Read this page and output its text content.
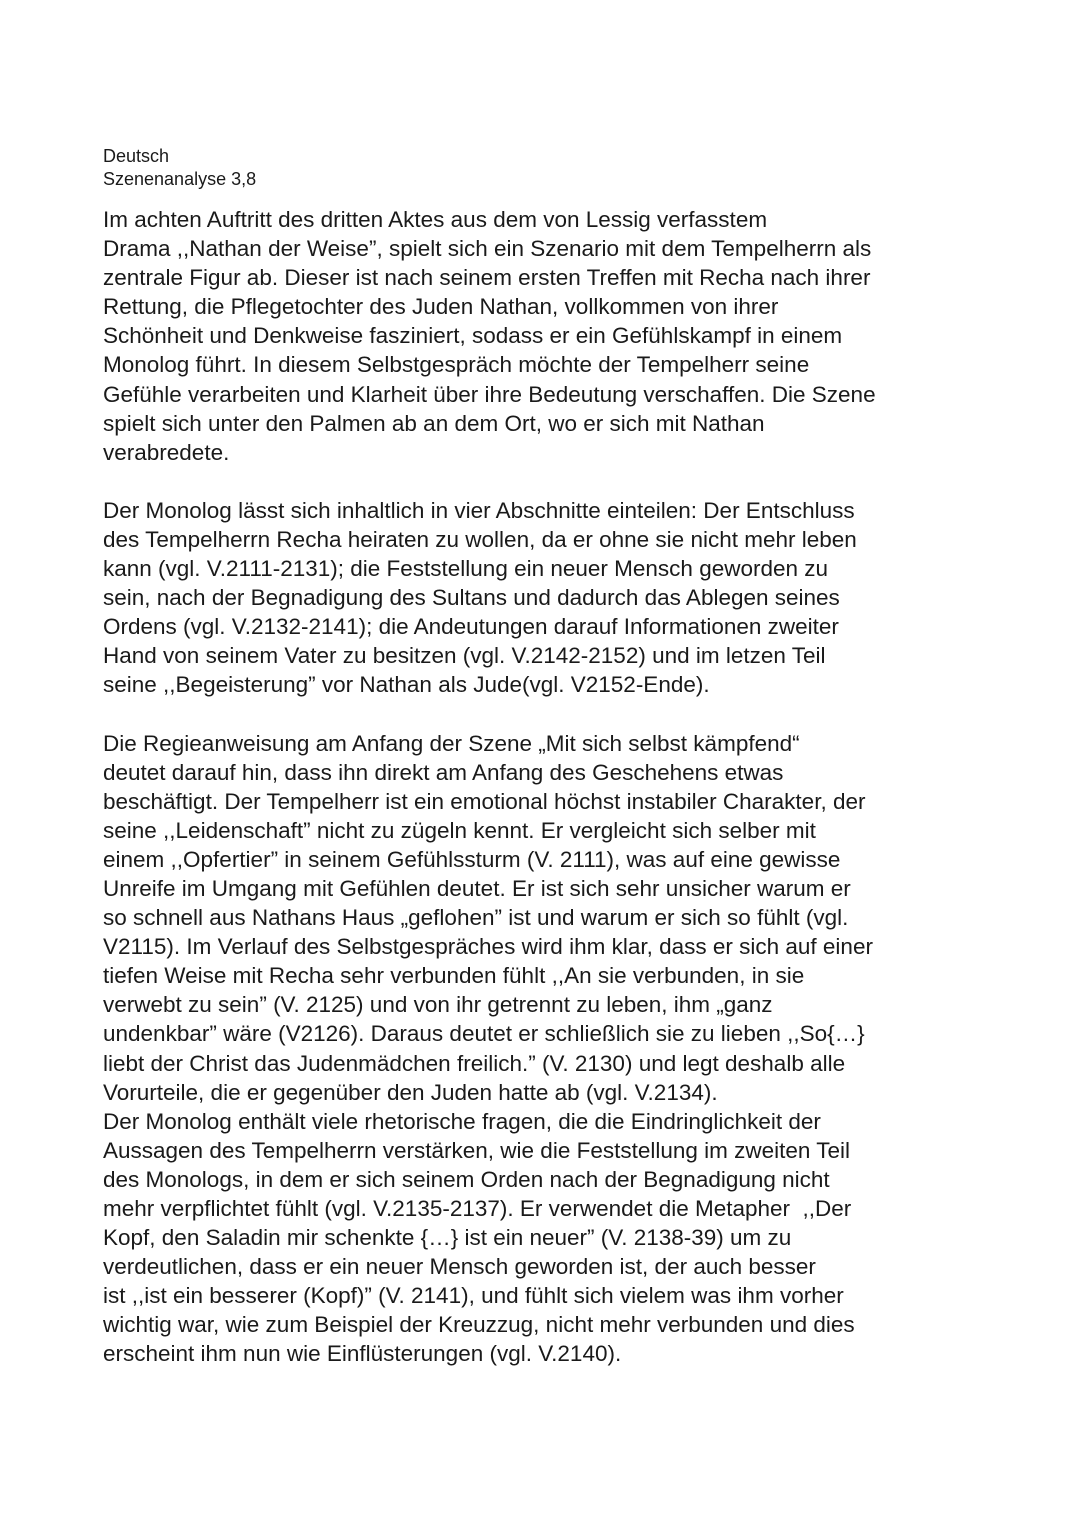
Deutsch
Szenenanalyse 3,8
Im achten Auftritt des dritten Aktes aus dem von Lessig verfasstem
Drama ,,Nathan der Weise”, spielt sich ein Szenario mit dem Tempelherrn als
zentrale Figur ab. Dieser ist nach seinem ersten Treffen mit Recha nach ihrer
Rettung, die Pflegetochter des Juden Nathan, vollkommen von ihrer
Schönheit und Denkweise fasziniert, sodass er ein Gefühlskampf in einem
Monolog führt. In diesem Selbstgespräch möchte der Tempelherr seine
Gefühle verarbeiten und Klarheit über ihre Bedeutung verschaffen. Die Szene
spielt sich unter den Palmen ab an dem Ort, wo er sich mit Nathan
verabredete.
Der Monolog lässt sich inhaltlich in vier Abschnitte einteilen: Der Entschluss
des Tempelherrn Recha heiraten zu wollen, da er ohne sie nicht mehr leben
kann (vgl. V.2111-2131); die Feststellung ein neuer Mensch geworden zu
sein, nach der Begnadigung des Sultans und dadurch das Ablegen seines
Ordens (vgl. V.2132-2141); die Andeutungen darauf Informationen zweiter
Hand von seinem Vater zu besitzen (vgl. V.2142-2152) und im letzen Teil
seine ,,Begeisterung” vor Nathan als Jude(vgl. V2152-Ende).
Die Regieanweisung am Anfang der Szene „Mit sich selbst kämpfend“
deutet darauf hin, dass ihn direkt am Anfang des Geschehens etwas
beschäftigt. Der Tempelherr ist ein emotional höchst instabiler Charakter, der
seine ,,Leidenschaft” nicht zu zügeln kennt. Er vergleicht sich selber mit
einem ,,Opfertier” in seinem Gefühlssturm (V. 2111), was auf eine gewisse
Unreife im Umgang mit Gefühlen deutet. Er ist sich sehr unsicher warum er
so schnell aus Nathans Haus „geflohen” ist und warum er sich so fühlt (vgl.
V2115). Im Verlauf des Selbstgespräches wird ihm klar, dass er sich auf einer
tiefen Weise mit Recha sehr verbunden fühlt ,,An sie verbunden, in sie
verwebt zu sein” (V. 2125) und von ihr getrennt zu leben, ihm „ganz
undenkbar” wäre (V2126). Daraus deutet er schließlich sie zu lieben ,,So{…}
liebt der Christ das Judenmädchen freilich.” (V. 2130) und legt deshalb alle
Vorurteile, die er gegenüber den Juden hatte ab (vgl. V.2134).
Der Monolog enthält viele rhetorische fragen, die die Eindringlichkeit der
Aussagen des Tempelherrn verstärken, wie die Feststellung im zweiten Teil
des Monologs, in dem er sich seinem Orden nach der Begnadigung nicht
mehr verpflichtet fühlt (vgl. V.2135-2137). Er verwendet die Metapher  ,,Der
Kopf, den Saladin mir schenkte {…} ist ein neuer” (V. 2138-39) um zu
verdeutlichen, dass er ein neuer Mensch geworden ist, der auch besser
ist ,,ist ein besserer (Kopf)” (V. 2141), und fühlt sich vielem was ihm vorher
wichtig war, wie zum Beispiel der Kreuzzug, nicht mehr verbunden und dies
erscheint ihm nun wie Einflüsterungen (vgl. V.2140).
